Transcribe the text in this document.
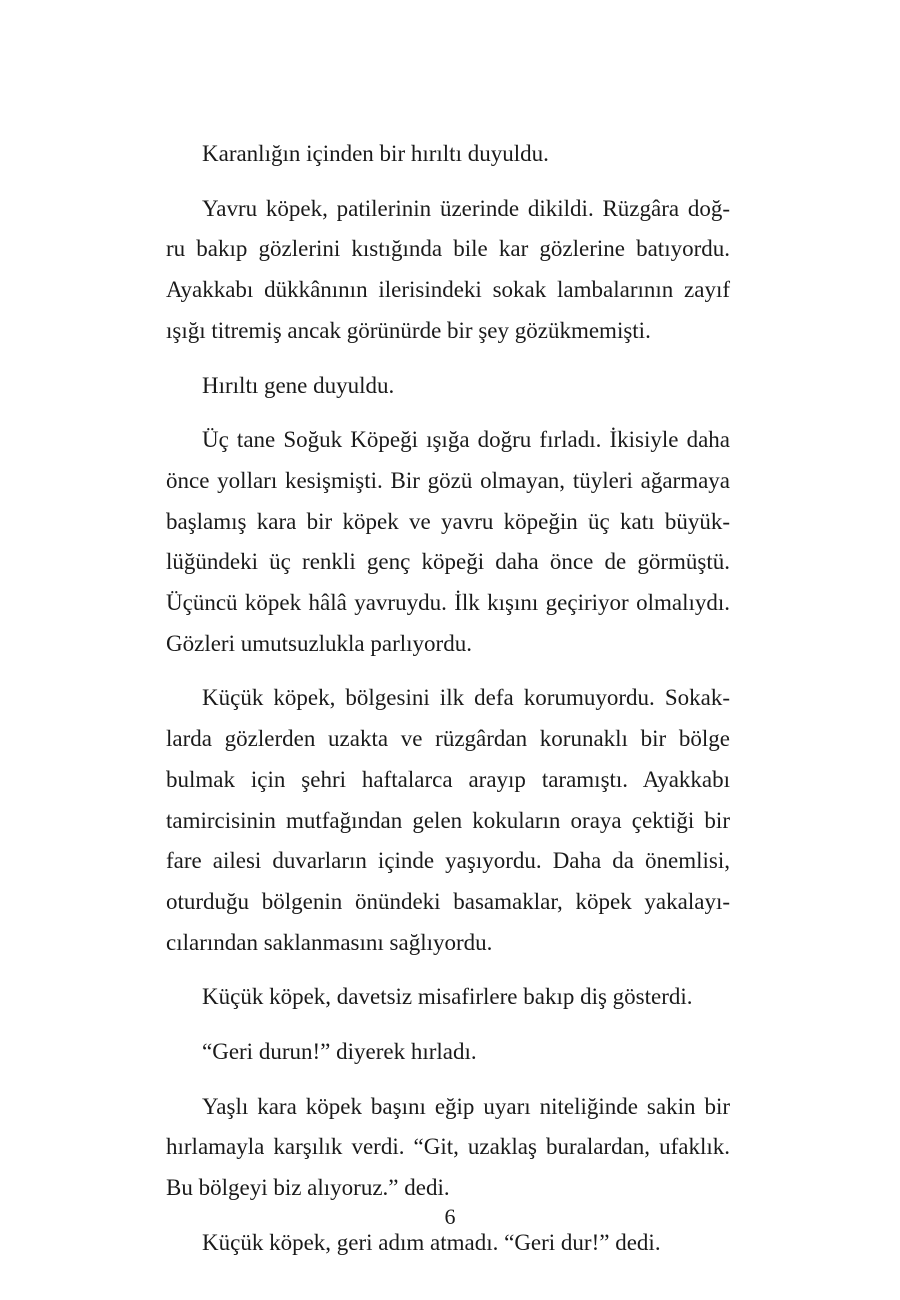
Karanlığın içinden bir hırıltı duyuldu.
Yavru köpek, patilerinin üzerinde dikildi. Rüzgâra doğ-
ru bakıp gözlerini kıstığında bile kar gözlerine batıyordu.
Ayakkabı dükkânının ilerisindeki sokak lambalarının zayıf
ışığı titremiş ancak görünürde bir şey gözükmemişti.
Hırıltı gene duyuldu.
Üç tane Soğuk Köpeği ışığa doğru fırladı. İkisiyle daha
önce yolları kesişmişti. Bir gözü olmayan, tüyleri ağarmaya
başlamış kara bir köpek ve yavru köpeğin üç katı büyük-
lüğündeki üç renkli genç köpeği daha önce de görmüştü.
Üçüncü köpek hâlâ yavruydu. İlk kışını geçiriyor olmalıydı.
Gözleri umutsuzlukla parlıyordu.
Küçük köpek, bölgesini ilk defa korumuyordu. Sokak-
larda gözlerden uzakta ve rüzgârdan korunaklı bir bölge
bulmak için şehri haftalarca arayıp taramıştı. Ayakkabı
tamircisinin mutfağından gelen kokuların oraya çektiği bir
fare ailesi duvarların içinde yaşıyordu. Daha da önemlisi,
oturduğu bölgenin önündeki basamaklar, köpek yakalayı-
cılarından saklanmasını sağlıyordu.
Küçük köpek, davetsiz misafirlere bakıp diş gösterdi.
“Geri durun!” diyerek hırladı.
Yaşlı kara köpek başını eğip uyarı niteliğinde sakin bir
hırlamayla karşılık verdi. “Git, uzaklaş buralardan, ufaklık.
Bu bölgeyi biz alıyoruz.” dedi.
Küçük köpek, geri adım atmadı. “Geri dur!” dedi.
6
